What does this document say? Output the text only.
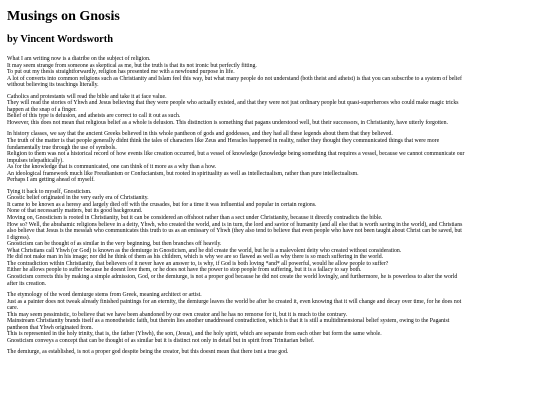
Musings on Gnosis
by Vincent Wordsworth
What I am writing now is a diatribe on the subject of religion.
It may seem strange from someone as skeptical as me, but the truth is that its not ironic but perfectly fitting.
To put out my thesis straightforwardly, religion has presented me with a newfound purpose in life.
A lot of converts into common religions such as Christianity and Islam feel this way, but what many people do not understand (both theist and atheist) is that you can subscribe to a system of belief
without believing its teachings literally.
Catholics and protestants will read the bible and take it at face value.
They will read the stories of Yhwh and Jesus believing that they were people who actually existed, and that they were not just ordinary people but quasi-superheroes who could make magic tricks
happen at the snap of a finger.
Belief of this type is delusion, and atheists are correct to call it out as such.
However, this does not mean that religious belief as a whole is delusion. This distinction is something that pagans understood well, but their successors, in Christianity, have utterly forgotten.
In history classes, we say that the ancient Greeks believed in this whole pantheon of gods and goddesses, and they had all these legends about them that they believed.
The truth of the matter is that people generally didnt think the tales of characters like Zeus and Heracles happened in reality, rather they thought they communicated things that were more
fundamentally true through the use of symbols.
Religion to them was not a historical record of how events like creation occurred, but a vessel of knowledge (knowledge being something that requires a vessel, because we cannot communicate our
impulses telepathically).
As for the knowledge that is communicated, one can think of it more as a why than a how.
An ideological framework much like Freudianism or Confucianism, but rooted in spirituality as well as intellectualism, rather than pure intellectualism.
Perhaps I am getting ahead of myself.
Tying it back to myself, Gnosticism.
Gnostic belief originated in the very early era of Christianity.
It came to be known as a heresy and largely died off with the crusades, but for a time it was influential and popular in certain regions.
None of that necessarily matters, but its good background.
Moving on, Gnosticism is rooted in Christianity, but it can be considered an offshoot rather than a sect under Christianity, because it directly contradicts the bible.
How so? Well, the abrahamic religions believe in a deity, Yhwh, who created the world, and is in turn, the lord and savior of humanity (and all else that is worth saving in the world), and Christians
also believe that Jesus is the messiah who communicates this truth to us as an emissary of Yhwh (they also tend to believe that even people who have not been taught about Christ can be saved, but
I digress).
Gnosticism can be thought of as similar in the very beginning, but then branches off heavily.
What Christians call Yhwh (or God) is known as the demiurge in Gnosticism, and he did create the world, but he is a malevolent deity who created without consideration.
He did not make man in his image; nor did he think of them as his children, which is why we are so flawed as well as why there is so much suffering in the world.
The contradiction within Christianity, that believers of it never have an answer to, is why, if God is both loving *and* all powerful, would he allow people to suffer?
Either he allows people to suffer because he doesnt love them, or he does not have the power to stop people from suffering, but it is a fallacy to say both.
Gnosticism corrects this by making a simple admission, God, or the demiurge, is not a proper god because he did not create the world lovingly, and furthermore, he is powerless to alter the world
after its creation.
The etymology of the word demiurge stems from Greek, meaning architect or artist.
Just as a painter does not tweak already finished paintings for an eternity, the demiurge leaves the world be after he created it, even knowing that it will change and decay over time, for he does not
care.
This may seem pessimistic, to believe that we have been abandoned by our own creator and he has no remorse for it, but it is much to the contrary.
Mainstream Christianity brands itself as a monotheistic faith, but therein lies another unaddressed contradiction, which is that it is still a multidimensional belief system, owing to the Paganist
pantheon that Yhwh originated from.
This is represented in the holy trinity, that is, the father (Yhwh), the son, (Jesus), and the holy spirit, which are separate from each other but form the same whole.
Gnosticism conveys a concept that can be thought of as similar but it is distinct not only in detail but in spirit from Trinitarian belief.
The demiurge, as established, is not a proper god despite being the creator, but this doesnt mean that there isnt a true god.
